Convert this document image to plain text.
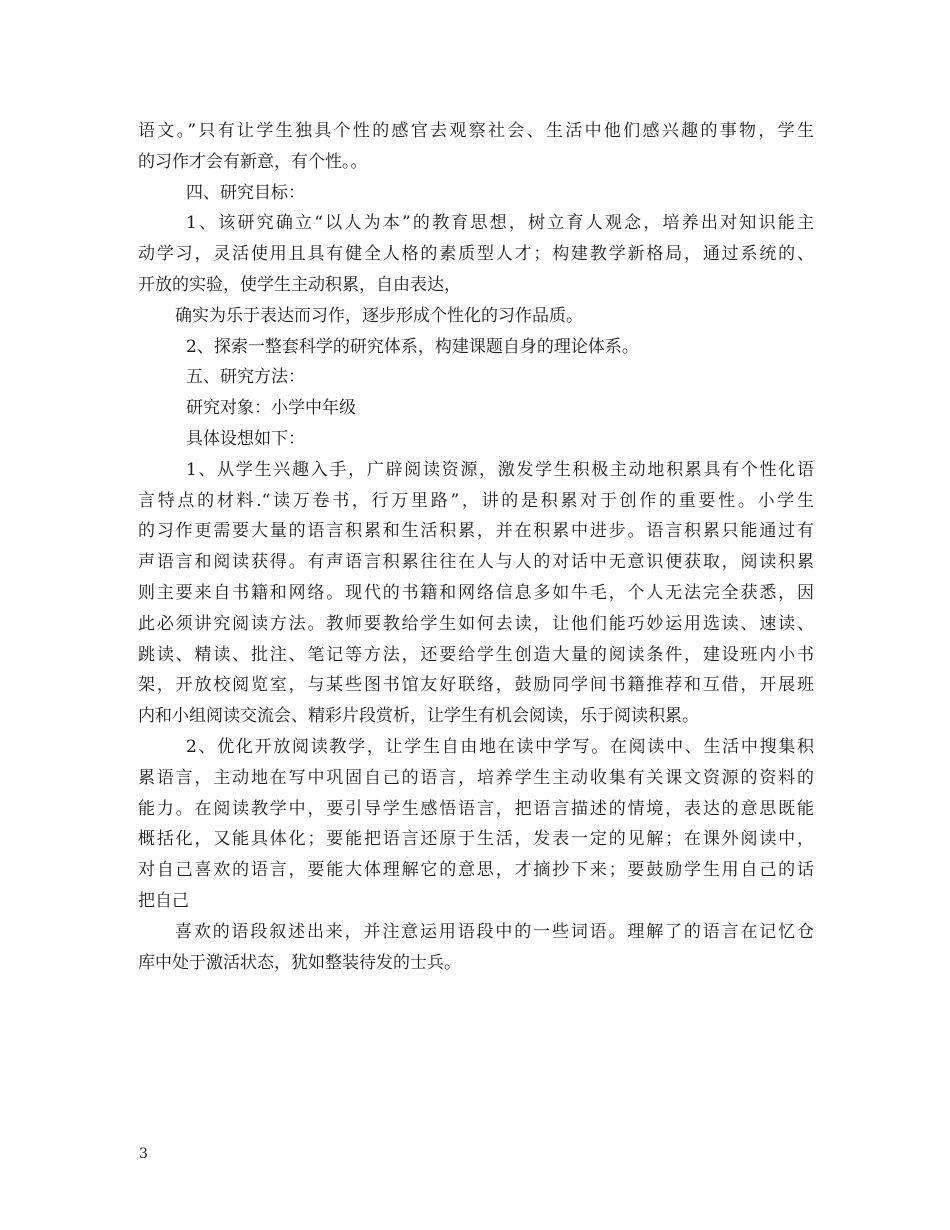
语文。”只有让学生独具个性的感官去观察社会、生活中他们感兴趣的事物，学生
的习作才会有新意，有个性。。
四、研究目标：
1、该研究确立“以人为本”的教育思想，树立育人观念，培养出对知识能主
动学习，灵活使用且具有健全人格的素质型人才；构建教学新格局，通过系统的、
开放的实验，使学生主动积累，自由表达，
确实为乐于表达而习作，逐步形成个性化的习作品质。
2、探索一整套科学的研究体系，构建课题自身的理论体系。
五、研究方法：
研究对象：小学中年级
具体设想如下：
1、从学生兴趣入手，广辟阅读资源，激发学生积极主动地积累具有个性化语
言特点的材料.“读万卷书，行万里路”，讲的是积累对于创作的重要性。小学生
的习作更需要大量的语言积累和生活积累，并在积累中进步。语言积累只能通过有
声语言和阅读获得。有声语言积累往往在人与人的对话中无意识便获取，阅读积累
则主要来自书籍和网络。现代的书籍和网络信息多如牛毛，个人无法完全获悉，因
此必须讲究阅读方法。教师要教给学生如何去读，让他们能巧妙运用选读、速读、
跳读、精读、批注、笔记等方法，还要给学生创造大量的阅读条件，建设班内小书
架，开放校阅览室，与某些图书馆友好联络，鼓励同学间书籍推荐和互借，开展班
内和小组阅读交流会、精彩片段赏析，让学生有机会阅读，乐于阅读积累。
2、优化开放阅读教学，让学生自由地在读中学写。在阅读中、生活中搜集积
累语言，主动地在写中巩固自己的语言，培养学生主动收集有关课文资源的资料的
能力。在阅读教学中，要引导学生感悟语言，把语言描述的情境，表达的意思既能
概括化，又能具体化；要能把语言还原于生活，发表一定的见解；在课外阅读中，
对自己喜欢的语言，要能大体理解它的意思，才摘抄下来；要鼓励学生用自己的话
把自己
喜欢的语段叙述出来，并注意运用语段中的一些词语。理解了的语言在记忆仓
库中处于激活状态，犹如整装待发的士兵。
3
